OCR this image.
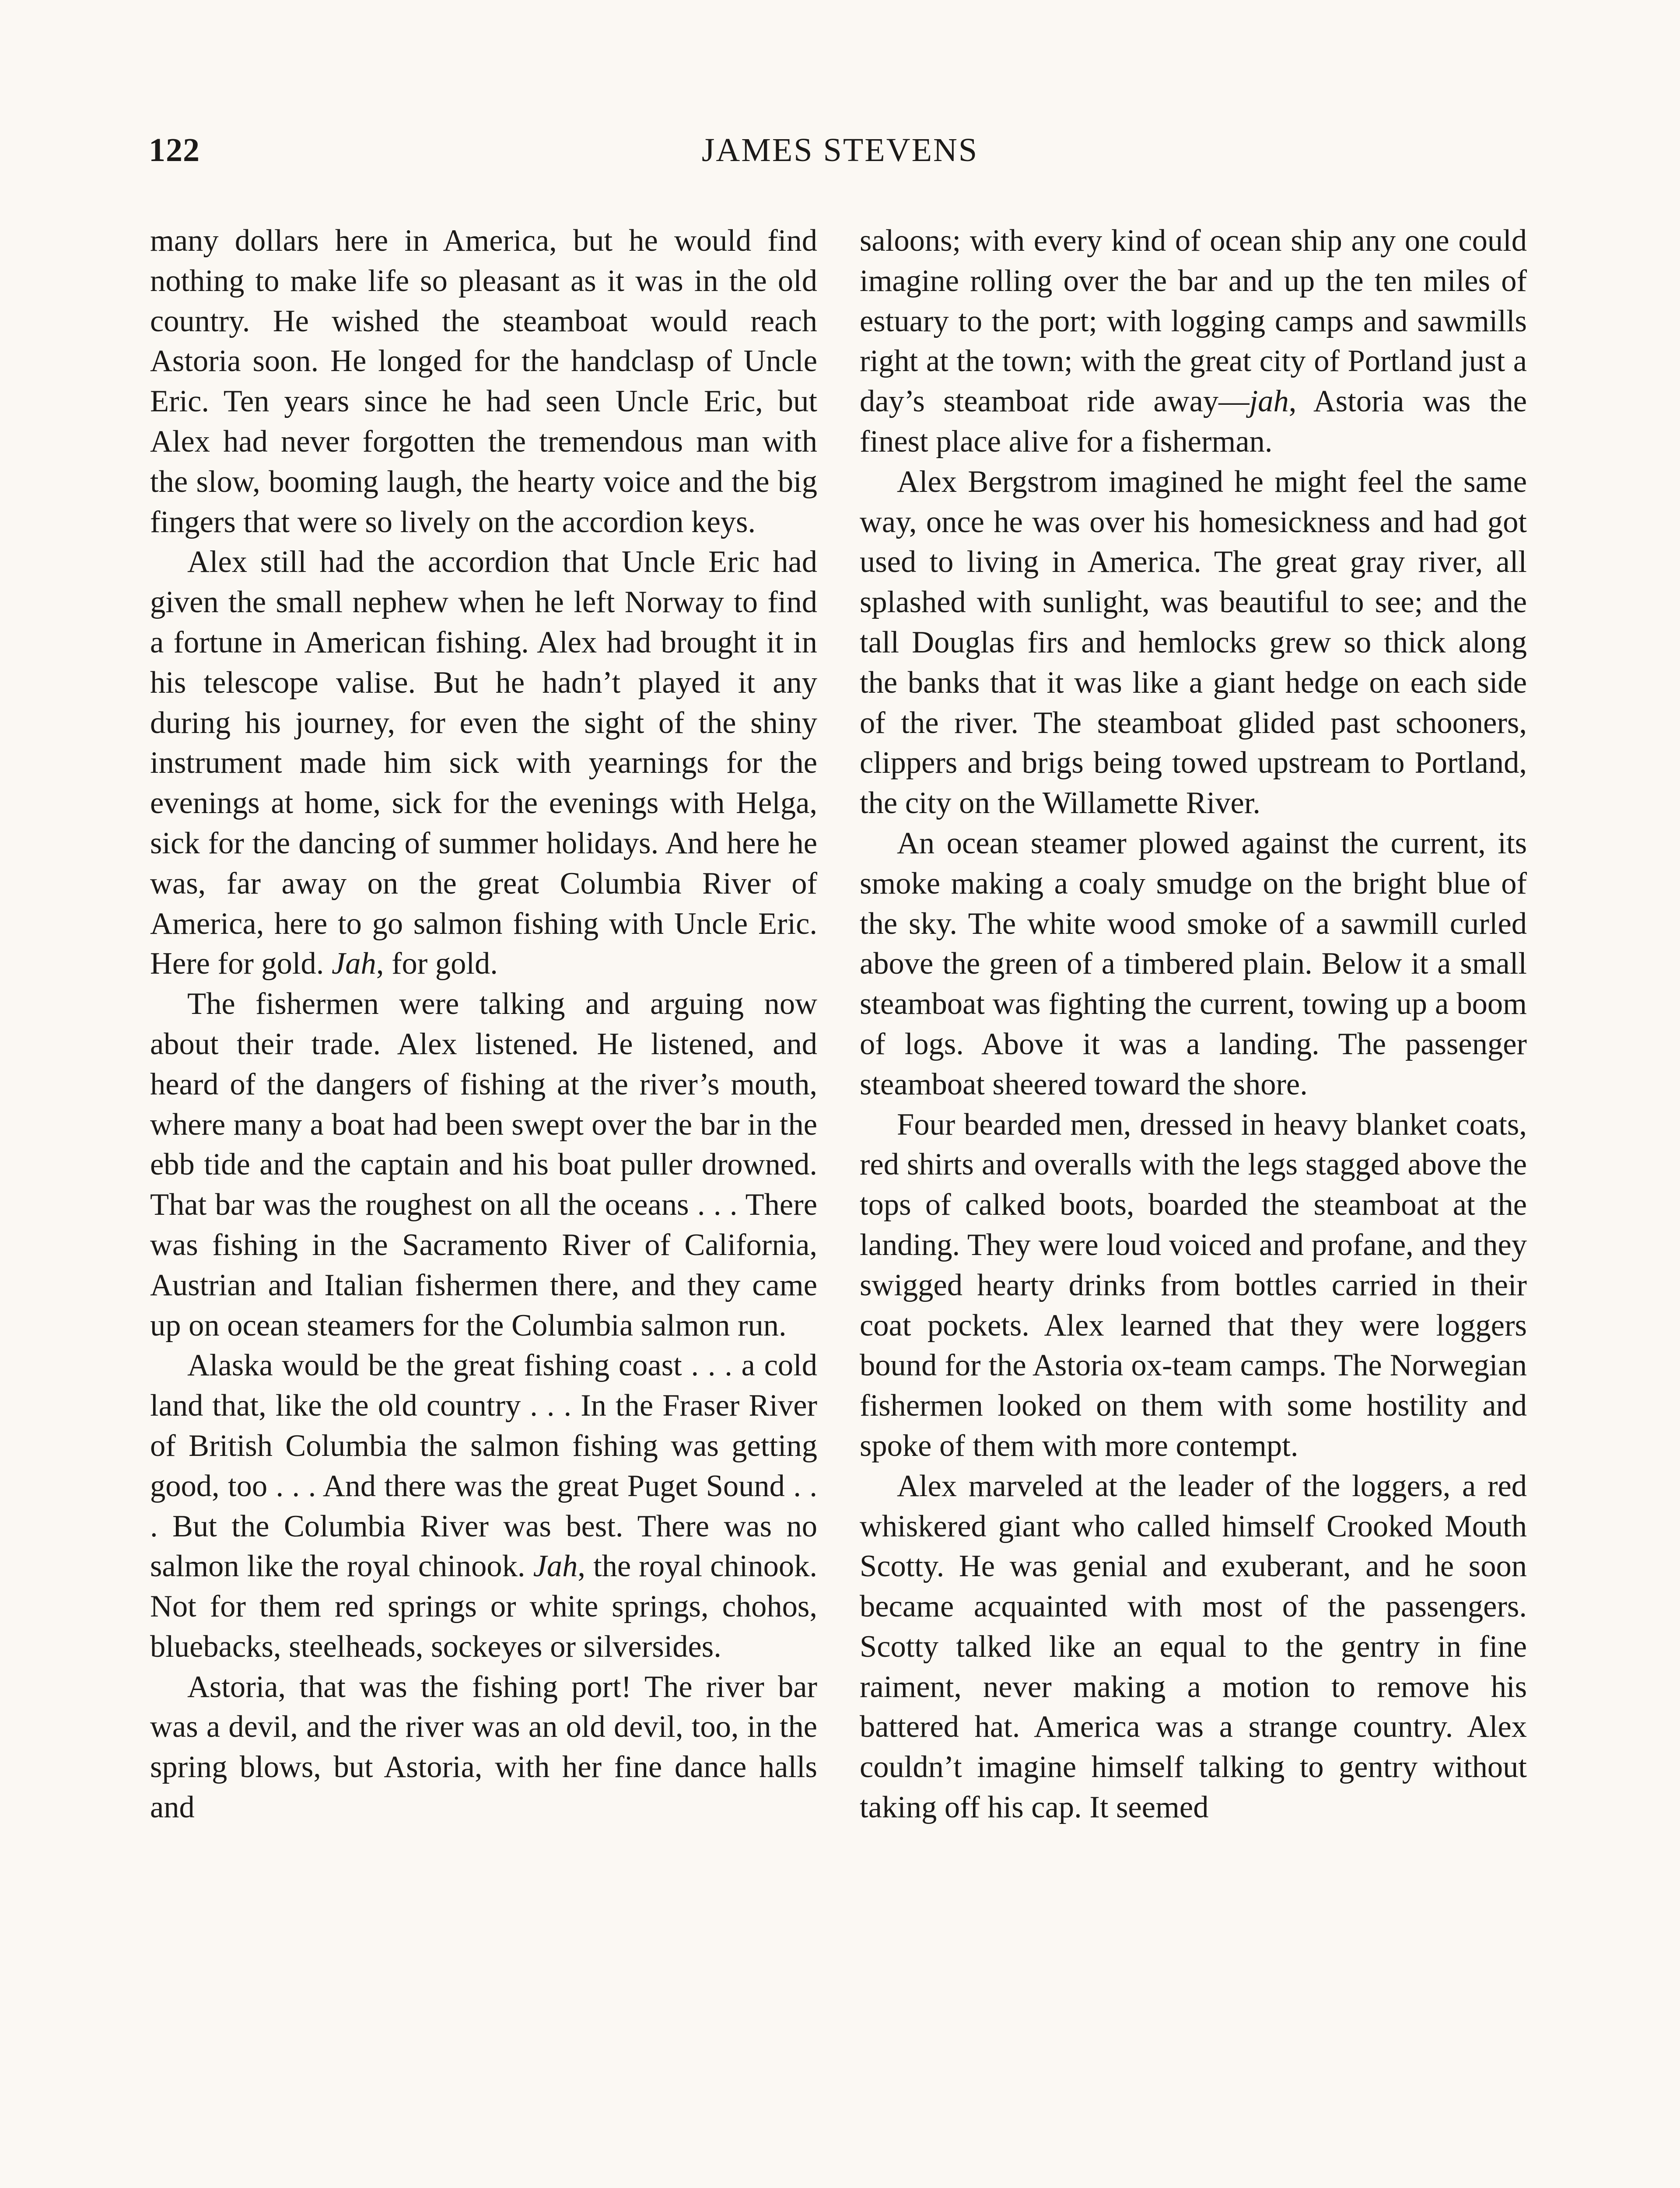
122	JAMES STEVENS

many dollars here in America, but he would find nothing to make life so pleasant as it was in the old country. He wished the steamboat would reach Astoria soon. He longed for the handclasp of Uncle Eric. Ten years since he had seen Uncle Eric, but Alex had never forgotten the tremendous man with the slow, booming laugh, the hearty voice and the big fingers that were so lively on the accordion keys.

Alex still had the accordion that Uncle Eric had given the small nephew when he left Norway to find a fortune in American fishing. Alex had brought it in his telescope valise. But he hadn’t played it any during his journey, for even the sight of the shiny instrument made him sick with yearnings for the evenings at home, sick for the evenings with Helga, sick for the dancing of summer holidays. And here he was, far away on the great Columbia River of America, here to go salmon fishing with Uncle Eric. Here for gold. Jah, for gold.

The fishermen were talking and arguing now about their trade. Alex listened. He listened, and heard of the dangers of fishing at the river’s mouth, where many a boat had been swept over the bar in the ebb tide and the captain and his boat puller drowned. That bar was the roughest on all the oceans . . . There was fishing in the Sacramento River of California, Austrian and Italian fishermen there, and they came up on ocean steamers for the Columbia salmon run.

Alaska would be the great fishing coast . . . a cold land that, like the old country . . . In the Fraser River of British Columbia the salmon fishing was getting good, too . . . And there was the great Puget Sound . . . But the Columbia River was best. There was no salmon like the royal chinook. Jah, the royal chinook. Not for them red springs or white springs, chohos, bluebacks, steelheads, sockeyes or silversides.

Astoria, that was the fishing port! The river bar was a devil, and the river was an old devil, too, in the spring blows, but Astoria, with her fine dance halls and

saloons; with every kind of ocean ship any one could imagine rolling over the bar and up the ten miles of estuary to the port; with logging camps and sawmills right at the town; with the great city of Portland just a day’s steamboat ride away—jah, Astoria was the finest place alive for a fisherman.

Alex Bergstrom imagined he might feel the same way, once he was over his homesickness and had got used to living in America. The great gray river, all splashed with sunlight, was beautiful to see; and the tall Douglas firs and hemlocks grew so thick along the banks that it was like a giant hedge on each side of the river. The steamboat glided past schooners, clippers and brigs being towed upstream to Portland, the city on the Willamette River.

An ocean steamer plowed against the current, its smoke making a coaly smudge on the bright blue of the sky. The white wood smoke of a sawmill curled above the green of a timbered plain. Below it a small steamboat was fighting the current, towing up a boom of logs. Above it was a landing. The passenger steamboat sheered toward the shore.

Four bearded men, dressed in heavy blanket coats, red shirts and overalls with the legs stagged above the tops of calked boots, boarded the steamboat at the landing. They were loud voiced and profane, and they swigged hearty drinks from bottles carried in their coat pockets. Alex learned that they were loggers bound for the Astoria ox-team camps. The Norwegian fishermen looked on them with some hostility and spoke of them with more contempt.

Alex marveled at the leader of the loggers, a red whiskered giant who called himself Crooked Mouth Scotty. He was genial and exuberant, and he soon became acquainted with most of the passengers. Scotty talked like an equal to the gentry in fine raiment, never making a motion to remove his battered hat. America was a strange country. Alex couldn’t imagine himself talking to gentry without taking off his cap. It seemed
